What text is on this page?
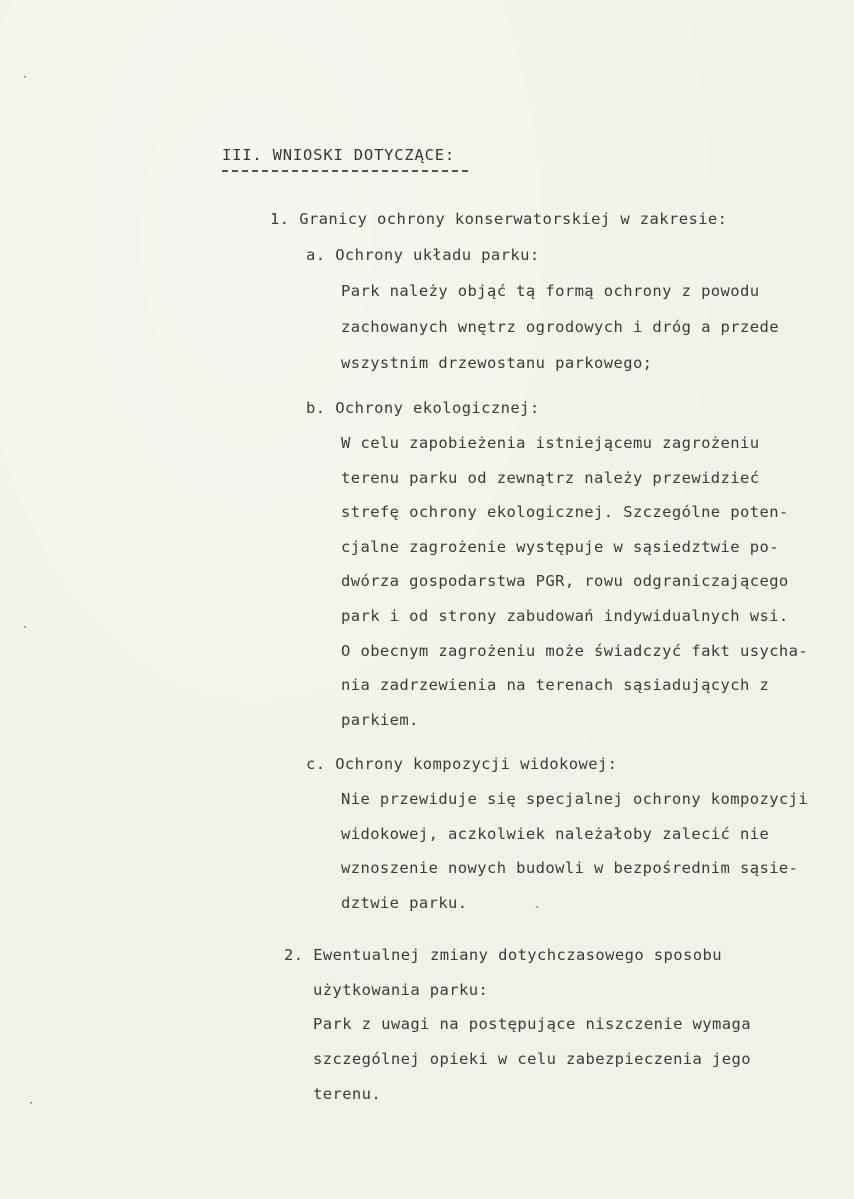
III. WNIOSKI DOTYCZĄCE:
1. Granicy ochrony konserwatorskiej w zakresie:
a. Ochrony układu parku:
Park należy objąć tą formą ochrony z powodu
zachowanych wnętrz ogrodowych i dróg a przede
wszystnim drzewostanu parkowego;
b. Ochrony ekologicznej:
W celu zapobieżenia istniejącemu zagrożeniu
terenu parku od zewnątrz należy przewidzieć
strefę ochrony ekologicznej. Szczególne poten-
cjalne zagrożenie występuje w sąsiedztwie po-
dwórza gospodarstwa PGR, rowu odgraniczającego
park i od strony zabudowań indywidualnych wsi.
O obecnym zagrożeniu może świadczyć fakt usycha-
nia zadrzewienia na terenach sąsiadujących z
parkiem.
c. Ochrony kompozycji widokowej:
Nie przewiduje się specjalnej ochrony kompozycji
widokowej, aczkolwiek należałoby zalecić nie
wznoszenie nowych budowli w bezpośrednim sąsie-
dztwie parku.
2. Ewentualnej zmiany dotychczasowego sposobu
użytkowania parku:
Park z uwagi na postępujące niszczenie wymaga
szczególnej opieki w celu zabezpieczenia jego
terenu.
·
·
·
-
